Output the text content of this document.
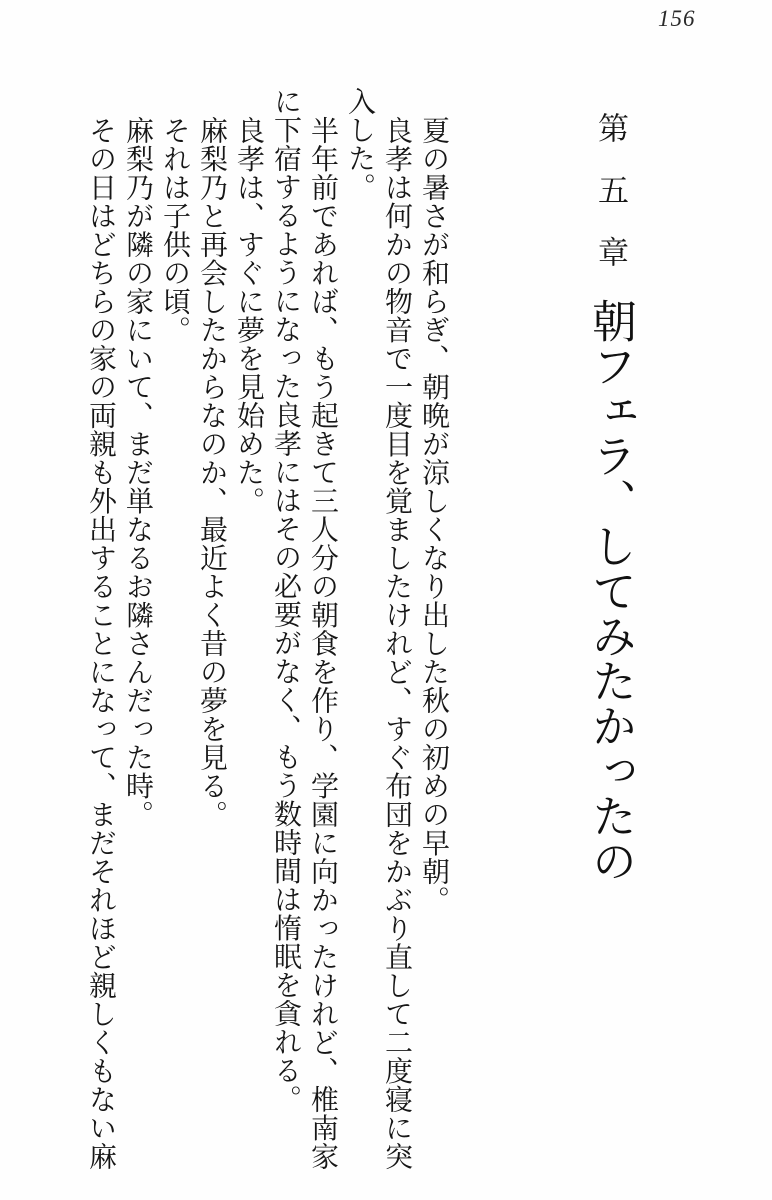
156
第五章朝フェラ、してみたかったの

夏の暑さが和らぎ、朝晩が涼しくなり出した秋の初めの早朝。

良孝は何かの物音で一度目を覚ましたけれど、すぐ布団をかぶり直して二度寝に突入した。

半年前であれば、もう起きて三人分の朝食を作り、学園に向かったけれど、椎南家に下宿するようになった良孝にはその必要がなく、もう数時間は惰眠を貪れる。

良孝は、すぐに夢を見始めた。

麻梨乃と再会したからなのか、最近よく昔の夢を見る。

それは子供の頃。

麻梨乃が隣の家にいて、まだ単なるお隣さんだった時。

その日はどちらの家の両親も外出することになって、まだそれほど親しくもない麻
